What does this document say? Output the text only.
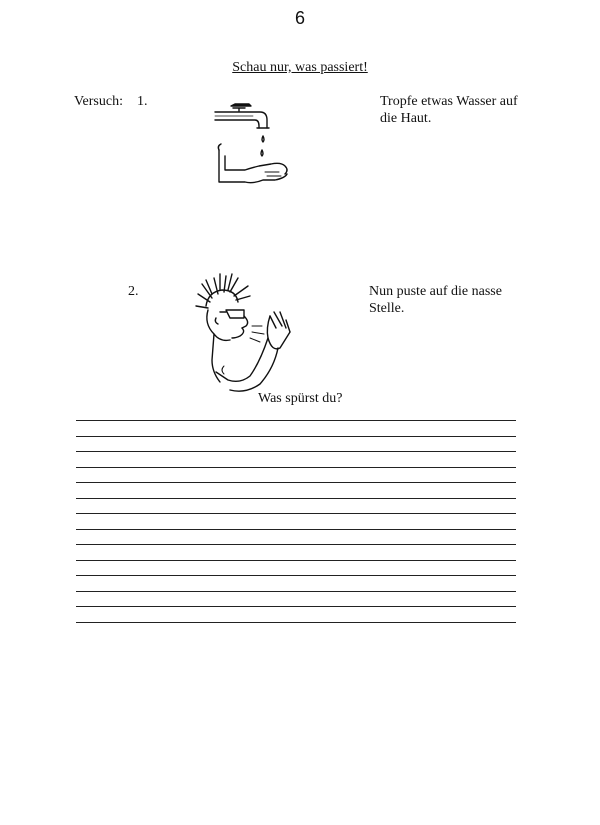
6
Schau nur, was passiert!
Versuch: 1.	Tropfe etwas Wasser auf
die Haut.
2.	Nun puste auf die nasse
Stelle.
Was spürst du?
